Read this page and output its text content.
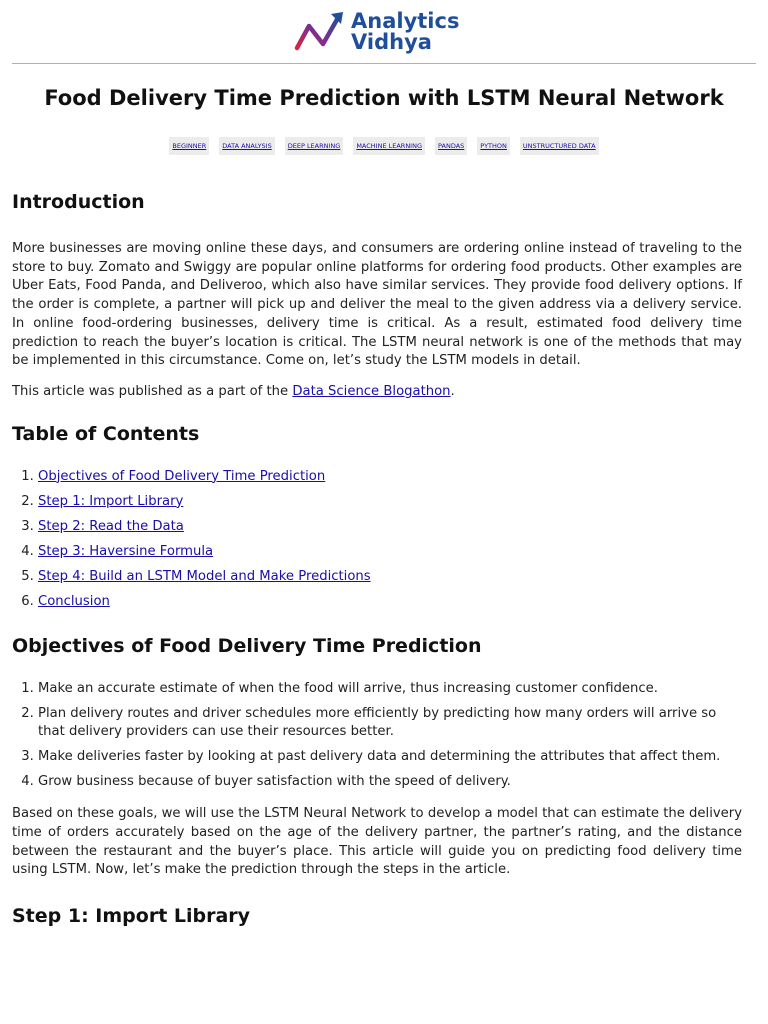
Analytics
Vidhya
Food Delivery Time Prediction with LSTM Neural Network
BEGINNER	DATA ANALYSIS	DEEP LEARNING	MACHINE LEARNING	PANDAS	PYTHON	UNSTRUCTURED DATA
Introduction

More businesses are moving online these days, and consumers are ordering online instead of traveling to the store to buy. Zomato and Swiggy are popular online platforms for ordering food products. Other examples are Uber Eats, Food Panda, and Deliveroo, which also have similar services. They provide food delivery options. If the order is complete, a partner will pick up and deliver the meal to the given address via a delivery service. In online food-ordering businesses, delivery time is critical. As a result, estimated food delivery time prediction to reach the buyer’s location is critical. The LSTM neural network is one of the methods that may be implemented in this circumstance. Come on, let’s study the LSTM models in detail.

This article was published as a part of the Data Science Blogathon.

Table of Contents
1. Objectives of Food Delivery Time Prediction
2. Step 1: Import Library
3. Step 2: Read the Data
4. Step 3: Haversine Formula
5. Step 4: Build an LSTM Model and Make Predictions
6. Conclusion
Objectives of Food Delivery Time Prediction
1. Make an accurate estimate of when the food will arrive, thus increasing customer confidence.
2. Plan delivery routes and driver schedules more efficiently by predicting how many orders will arrive so that delivery providers can use their resources better.
3. Make deliveries faster by looking at past delivery data and determining the attributes that affect them.
4. Grow business because of buyer satisfaction with the speed of delivery.

Based on these goals, we will use the LSTM Neural Network to develop a model that can estimate the delivery time of orders accurately based on the age of the delivery partner, the partner’s rating, and the distance between the restaurant and the buyer’s place. This article will guide you on predicting food delivery time using LSTM. Now, let’s make the prediction through the steps in the article.

Step 1: Import Library
